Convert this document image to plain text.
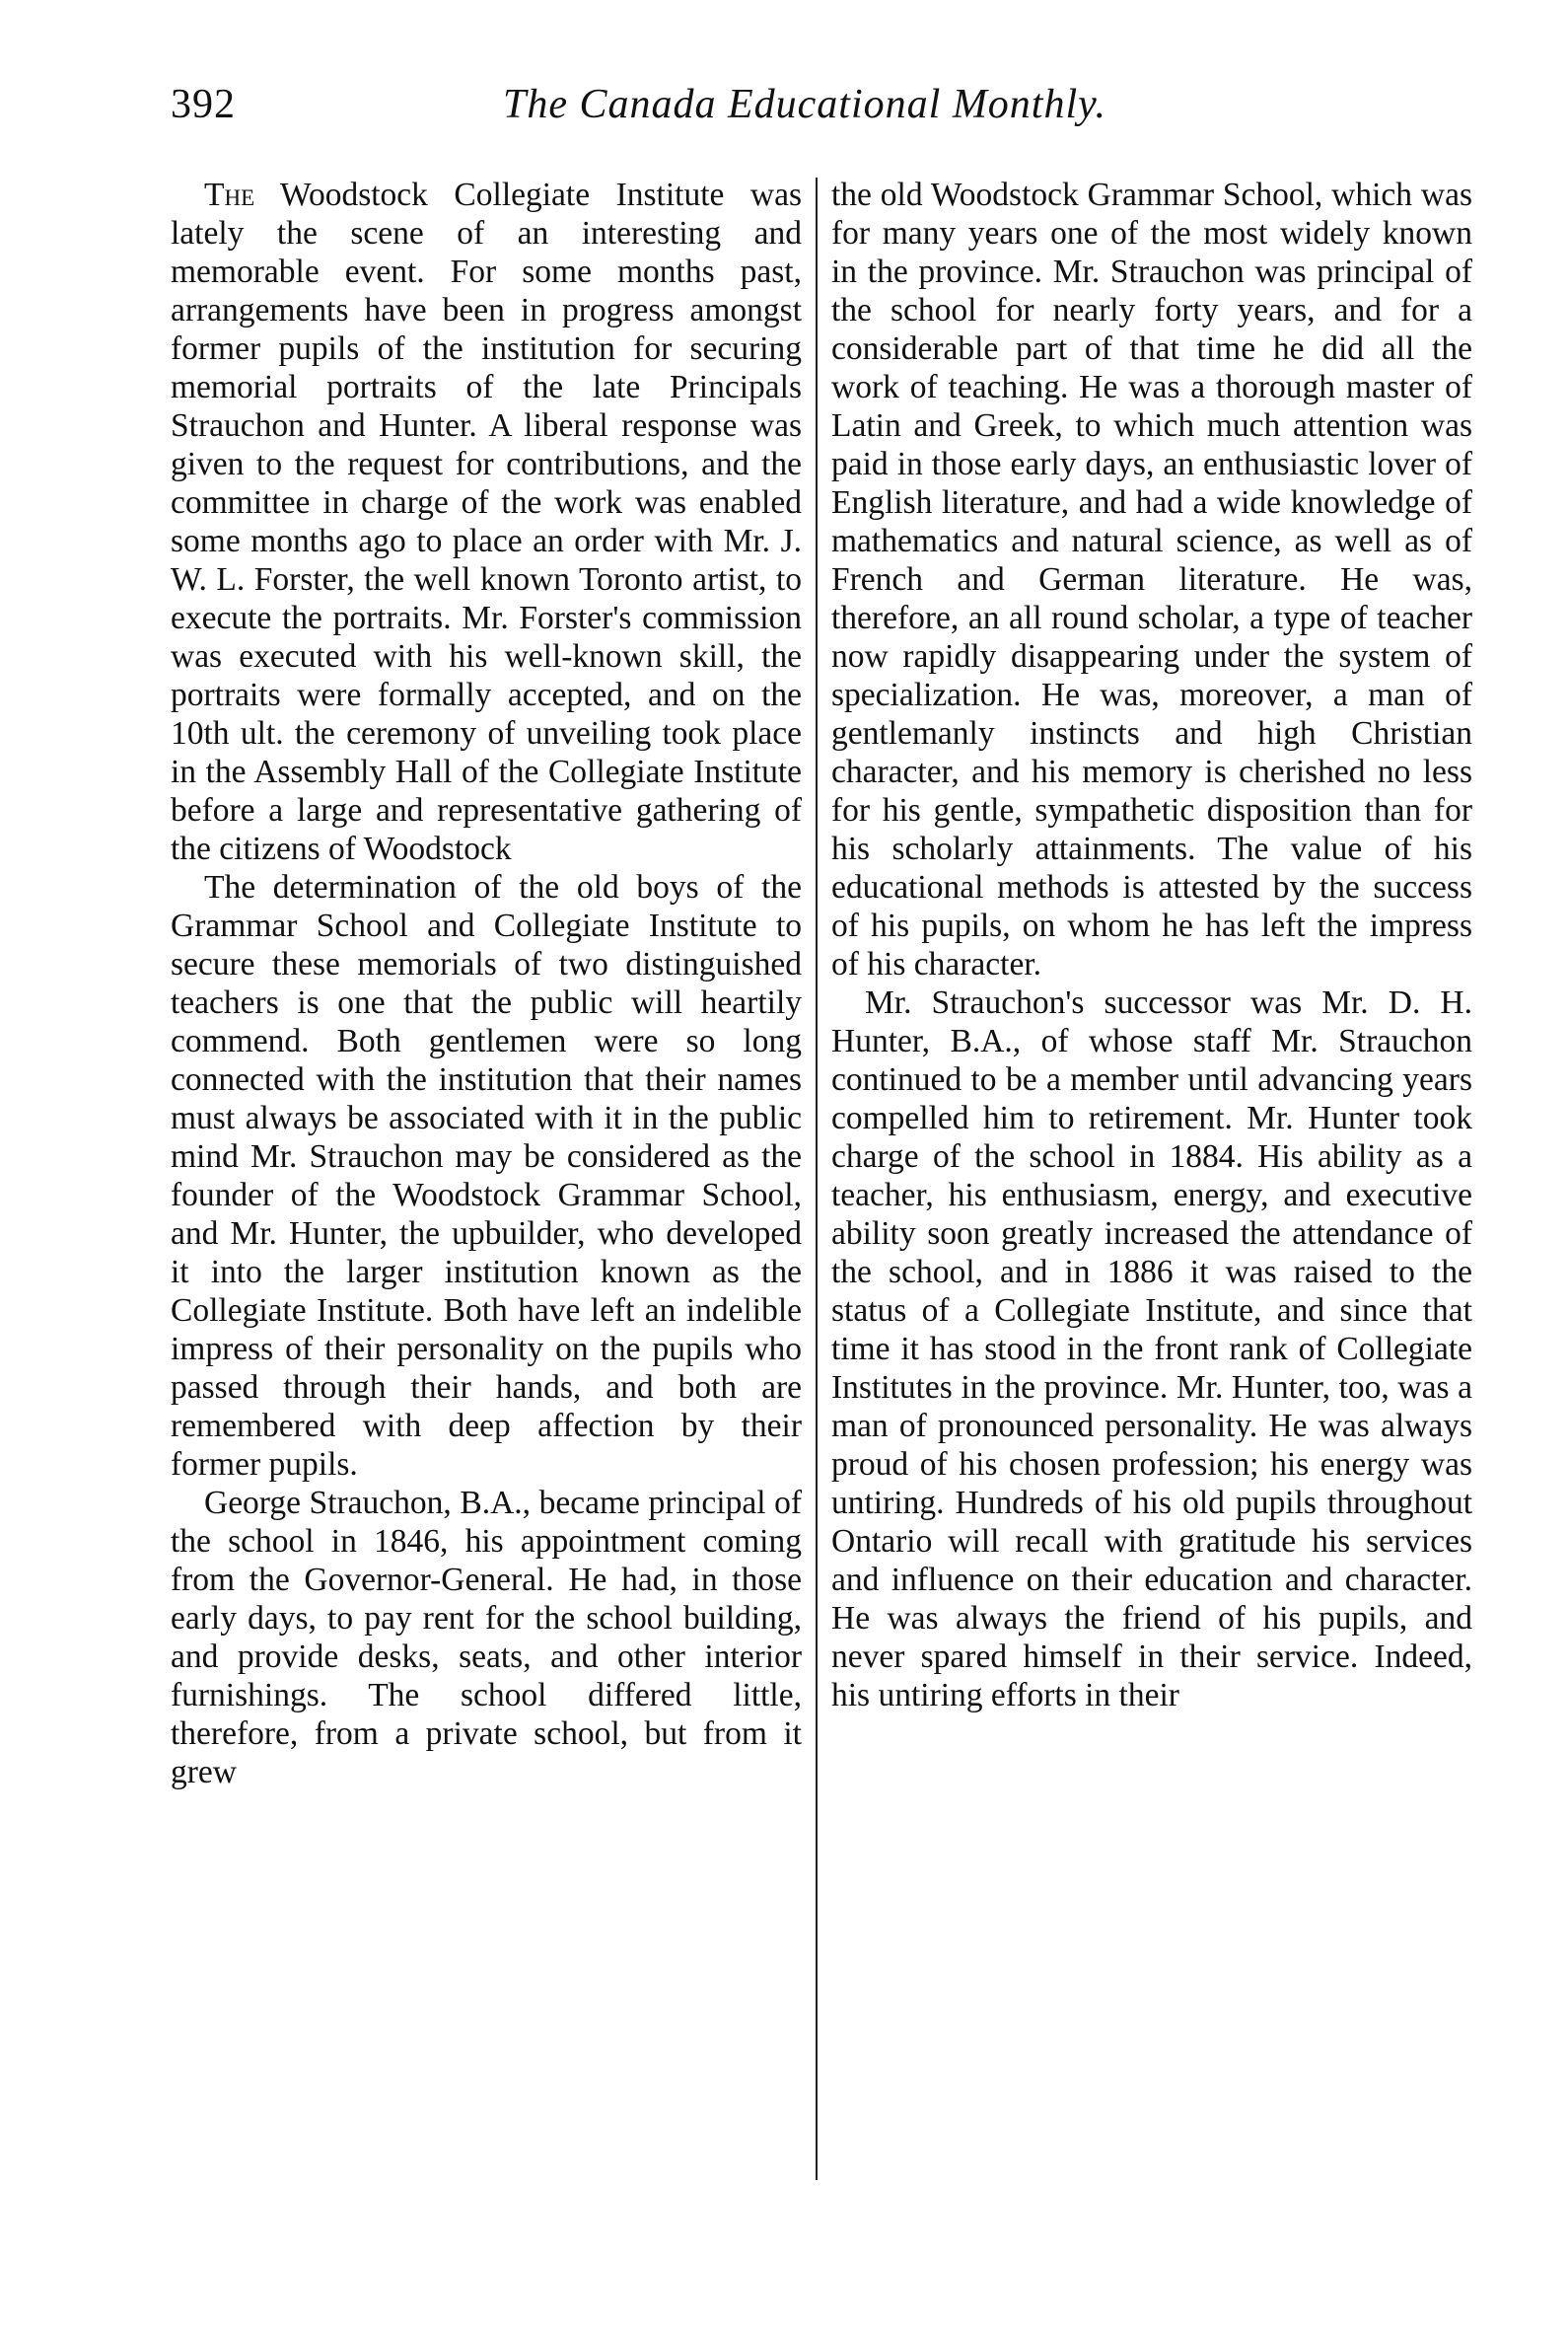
392	The Canada Educational Monthly.

The Woodstock Collegiate Institute was lately the scene of an interesting and memorable event. For some months past, arrangements have been in progress amongst former pupils of the institution for securing memorial portraits of the late Principals Strauchon and Hunter. A liberal response was given to the request for contributions, and the committee in charge of the work was enabled some months ago to place an order with Mr. J. W. L. Forster, the well known Toronto artist, to execute the portraits. Mr. Forster's commission was executed with his well-known skill, the portraits were formally accepted, and on the 10th ult. the ceremony of unveiling took place in the Assembly Hall of the Collegiate Institute before a large and representative gathering of the citizens of Woodstock

The determination of the old boys of the Grammar School and Collegiate Institute to secure these memorials of two distinguished teachers is one that the public will heartily commend. Both gentlemen were so long connected with the institution that their names must always be associated with it in the public mind Mr. Strauchon may be considered as the founder of the Woodstock Grammar School, and Mr. Hunter, the upbuilder, who developed it into the larger institution known as the Collegiate Institute. Both have left an indelible impress of their personality on the pupils who passed through their hands, and both are remembered with deep affection by their former pupils.

George Strauchon, B.A., became principal of the school in 1846, his appointment coming from the Governor-General. He had, in those early days, to pay rent for the school building, and provide desks, seats, and other interior furnishings. The school differed little, therefore, from a private school, but from it grew

the old Woodstock Grammar School, which was for many years one of the most widely known in the province. Mr. Strauchon was principal of the school for nearly forty years, and for a considerable part of that time he did all the work of teaching. He was a thorough master of Latin and Greek, to which much attention was paid in those early days, an enthusiastic lover of English literature, and had a wide knowledge of mathematics and natural science, as well as of French and German literature. He was, therefore, an all round scholar, a type of teacher now rapidly disappearing under the system of specialization. He was, moreover, a man of gentlemanly instincts and high Christian character, and his memory is cherished no less for his gentle, sympathetic disposition than for his scholarly attainments. The value of his educational methods is attested by the success of his pupils, on whom he has left the impress of his character.

Mr. Strauchon's successor was Mr. D. H. Hunter, B.A., of whose staff Mr. Strauchon continued to be a member until advancing years compelled him to retirement. Mr. Hunter took charge of the school in 1884. His ability as a teacher, his enthusiasm, energy, and executive ability soon greatly increased the attendance of the school, and in 1886 it was raised to the status of a Collegiate Institute, and since that time it has stood in the front rank of Collegiate Institutes in the province. Mr. Hunter, too, was a man of pronounced personality. He was always proud of his chosen profession; his energy was untiring. Hundreds of his old pupils throughout Ontario will recall with gratitude his services and influence on their education and character. He was always the friend of his pupils, and never spared himself in their service. Indeed, his untiring efforts in their
